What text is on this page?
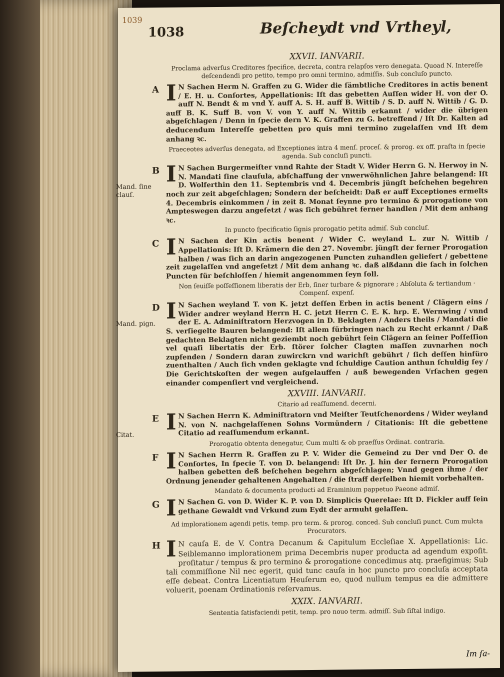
1039
1038	Beſcheydt vnd Vrtheyl,
XXVII. IANVARII.
Proclama adverſus Creditores ſpecifice, decreta, contra relapſos vero denegata. Quoad N. Intereſſe deſcendendi pro petito, tempo pro omni termino, admiſſis. Sub concluſo puncto.
A I N Sachen Herm N. Graffen zu G. Wider die ſämbtliche Creditores in actis benent / E. H. u. Conſortes, Appellationis: Iſt das gebetten Auſſen wider H. von der O. auff N. Bendt & m vnd Y. auff A. S. H. auff B. Wittib / S. D. auff N. Wittib / G. D. auff B. K. Suff B. von V. von Y. auff N. Wittib erkannt / wider die übrigen abgeſchlagen / Denn in ſpecie dern V. K. Graffen zu G. betreffend / Iſt Dr. Kalten ad deducendum Intereſſe gebetten pro quis mni termino zugelaſſen vnd Iſt dem anhang ꝛc.
Praeceotes adverſus denegata, ad Exceptiones intra 4 menſ. proceſ. & prorog. ex off. praſta in ſpecie agenda. Sub concluſi puncti.
B
Mand. ſine clauſ.
I N Sachen Burgermeiſter vnnd Rahte der Stadt V. Wider Herrn G. N. Herwoy in N. N. Mandati ſine clauſula, abſchaffung der vnwerwöhnlichen Jahre belangend: Iſt D. Wolferthin den 11. Septembris vnd 4. Decembris jüngſt beſchehen begehren noch zur zeit abgeſchlagen; Sondern der beſcheidt: Daß er auff Exceptiones ermelts 4. Decembris einkommen / in zeit 8. Monat ſeynne pro termino & prorogatione von Ampteswegen darzu angeſetzt / was ſich gebühret ferner handlen / Mit dem anhang ꝛc.
In puncto ſpecificatio ſignis prorogatio petita admiſ. Sub concluſ.
C I N Sachen der Kin actis benent / Wider C. weyland L. zur N. Wittib / Appellationis: Iſt D. Krämern die den 27. Novembr. jüngſt der ferner Prorogation halben / was ſich an darin angezogenen Puncten zuhandlen geliefert / gebettene zeit zugelaſſen vnd angeſetzt / Mit dem anhang ꝛc. daß alßdann die ſach in ſolchen Puncten für beſchloſſen / hiemit angenommen ſeyn ſoll.
Non ſeuiſſe poſſeſſionem liberatis der Erb, ſiner turbare & pignorare ; Abſoluta & tertiandum · Compenſ. expenſ.
D
Mand. pign. I N Sachen weyland T. von K. jetzt deſſen Erben in actis benent / Clägern eins / Wider andrer weyland Herrn H. C. jetzt Herrn C. E. K. hrp. E. Wernwing / vnnd der E. A. Adminiſtratorn Herzvogen in D. Beklagten / Anders theils / Mandati die S. verſiegelte Bauren belangend: Iſt allem fürbringen nach zu Recht erkannt / Daß gedachten Beklagten nicht geziembt noch gebührt ſein Clägern an ſeiner Poſſeſſion vel quaſi libertatis der Erb. ſtörer ſolcher Clagten maſſen zuvnarhen noch zupfenden / Sondern daran zuwirckrn vnd warichſt gebührt / ſich deſſen hinfüro zuenthalten / Auch ſich vnden geklagte vnd ſchuldige Caution anthun ſchuldig ſey / Die Gerichtskoſten der wegen aufgelauffen / auß bewegenden Vrſachen gegen einander compenſiert vnd vergleichend.
XXVIII. IANVARII.
Citario ad reaſſumend. decerni.
E
Citat.	I N Sachen Herrn K. Adminiſtratorn vnd Meiſter Teutſchenordens / Wider weyland N. von N. nachgelaſſenen Sohns Vormündern / Citationis: Iſt die gebettene Citatio ad reaſſumendum erkannt.
Prorogatio obtenta denegatur, Cum multi & ob praeſſus Ordinat. contraria.
F I N Sachen Herrn R. Graffen zu P. V. Wider die Gemeind zu Der vnd Der O. de Conſortes, In ſpecie T. von D. belangend: Iſt Dr. J. hin der fernern Prorogation halben gebetten deß beſchehen begehrn abgeſchlagen; Vnnd gegen ihme / der Ordnung jenender gehaltenen Angehalten / die ſtraff derſelben hiemit vorbehalten.
Mandato & documenta producti ad Eraminium pappetuo Paeone admiſ.
G I N Sachen G. von D. Wider K. P. von D. Simplicis Querelae: Iſt D. Fickler auff ſein gethane Gewaldt vnd Vrkund zum Eydt der armuht gelaſſen.
Ad implorationem agendi petis, temp. pro term. & prorog. conced. Sub concluſi punct. Cum mulcta Procurators.
H I N cauſa E. de V. Contra Decanum & Capitulum Eccleſiae X. Appellationis: Lic. Seiblemanno implorationem prima Decembris nuper producta ad agendum expoſit. proſitatur / tempus & pro termino & prorogatione concedimus atq. praefigimus; Sub tali commiſſione Nil nec egerit, quid tunc cauſa in hoc puncto pro concluſa acceptata eſſe debeat. Contra Licentiatum Heuſerum eo, quod nullum tempus ea die admittere voluerit, poenam Ordinationis reſervamus.
XXIX. IANVARII.
Sententia ſatisfaciendi petit, temp. pro nouo term. admiſſ. Sub ſiſtal indigo.
Im ſa-
